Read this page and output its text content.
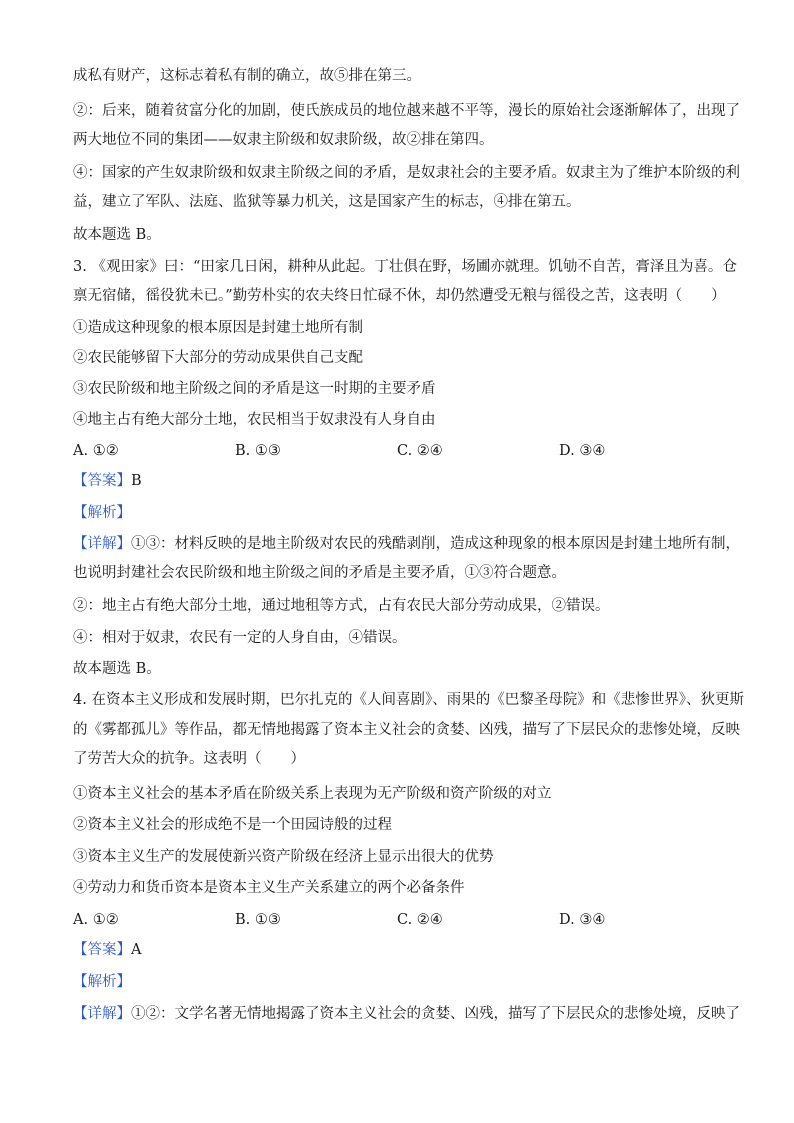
成私有财产，这标志着私有制的确立，故⑤排在第三。
②：后来，随着贫富分化的加剧，使氏族成员的地位越来越不平等，漫长的原始社会逐渐解体了，出现了
两大地位不同的集团——奴隶主阶级和奴隶阶级，故②排在第四。
④：国家的产生奴隶阶级和奴隶主阶级之间的矛盾，是奴隶社会的主要矛盾。奴隶主为了维护本阶级的利
益，建立了军队、法庭、监狱等暴力机关，这是国家产生的标志，④排在第五。
故本题选 B。
3. 《观田家》曰：“田家几日闲，耕种从此起。丁壮俱在野，场圃亦就理。饥劬不自苦，膏泽且为喜。仓
禀无宿储，徭役犹未已。”勤劳朴实的农夫终日忙碌不休，却仍然遭受无粮与徭役之苦，这表明（　　）
①造成这种现象的根本原因是封建土地所有制
②农民能够留下大部分的劳动成果供自己支配
③农民阶级和地主阶级之间的矛盾是这一时期的主要矛盾
④地主占有绝大部分土地，农民相当于奴隶没有人身自由
A. ①②	B. ①③	C. ②④	D. ③④
【答案】B
【解析】
【详解】①③：材料反映的是地主阶级对农民的残酷剥削，造成这种现象的根本原因是封建土地所有制，
也说明封建社会农民阶级和地主阶级之间的矛盾是主要矛盾，①③符合题意。
②：地主占有绝大部分土地，通过地租等方式，占有农民大部分劳动成果，②错误。
④：相对于奴隶，农民有一定的人身自由，④错误。
故本题选 B。
4. 在资本主义形成和发展时期，巴尔扎克的《人间喜剧》、雨果的《巴黎圣母院》和《悲惨世界》、狄更斯
的《雾都孤儿》等作品，都无情地揭露了资本主义社会的贪婪、凶残，描写了下层民众的悲惨处境，反映
了劳苦大众的抗争。这表明（　　）
①资本主义社会的基本矛盾在阶级关系上表现为无产阶级和资产阶级的对立
②资本主义社会的形成绝不是一个田园诗般的过程
③资本主义生产的发展使新兴资产阶级在经济上显示出很大的优势
④劳动力和货币资本是资本主义生产关系建立的两个必备条件
A. ①②	B. ①③	C. ②④	D. ③④
【答案】A
【解析】
【详解】①②：文学名著无情地揭露了资本主义社会的贪婪、凶残，描写了下层民众的悲惨处境，反映了
